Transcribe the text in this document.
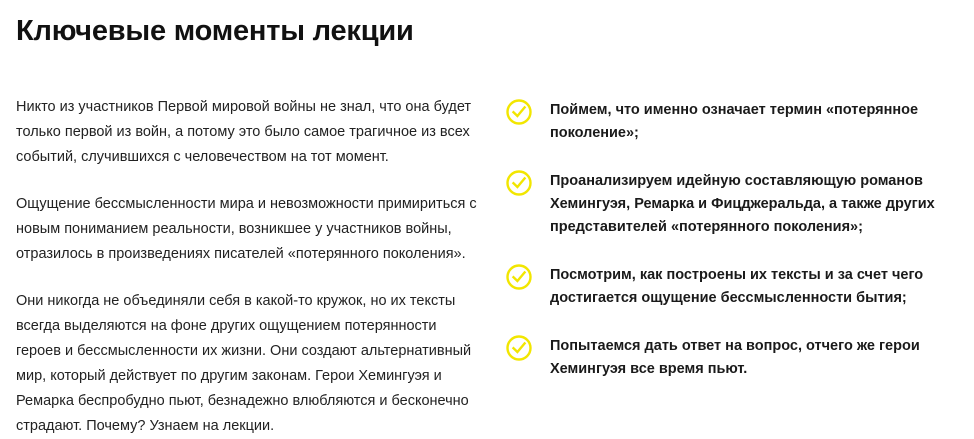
Ключевые моменты лекции

Никто из участников Первой мировой войны не знал, что она будет только первой из войн, а потому это было самое трагичное из всех событий, случившихся с человечеством на тот момент.

Ощущение бессмысленности мира и невозможности примириться с новым пониманием реальности, возникшее у участников войны, отразилось в произведениях писателей «потерянного поколения».

Они никогда не объединяли себя в какой-то кружок, но их тексты всегда выделяются на фоне других ощущением потерянности героев и бессмысленности их жизни. Они создают альтернативный мир, который действует по другим законам. Герои Хемингуэя и Ремарка беспробудно пьют, безнадежно влюбляются и бесконечно страдают. Почему? Узнаем на лекции.

Поймем, что именно означает термин «потерянное поколение»;
Проанализируем идейную составляющую романов Хемингуэя, Ремарка и Фицджеральда, а также других представителей «потерянного поколения»;
Посмотрим, как построены их тексты и за счет чего достигается ощущение бессмысленности бытия;
Попытаемся дать ответ на вопрос, отчего же герои Хемингуэя все время пьют.
